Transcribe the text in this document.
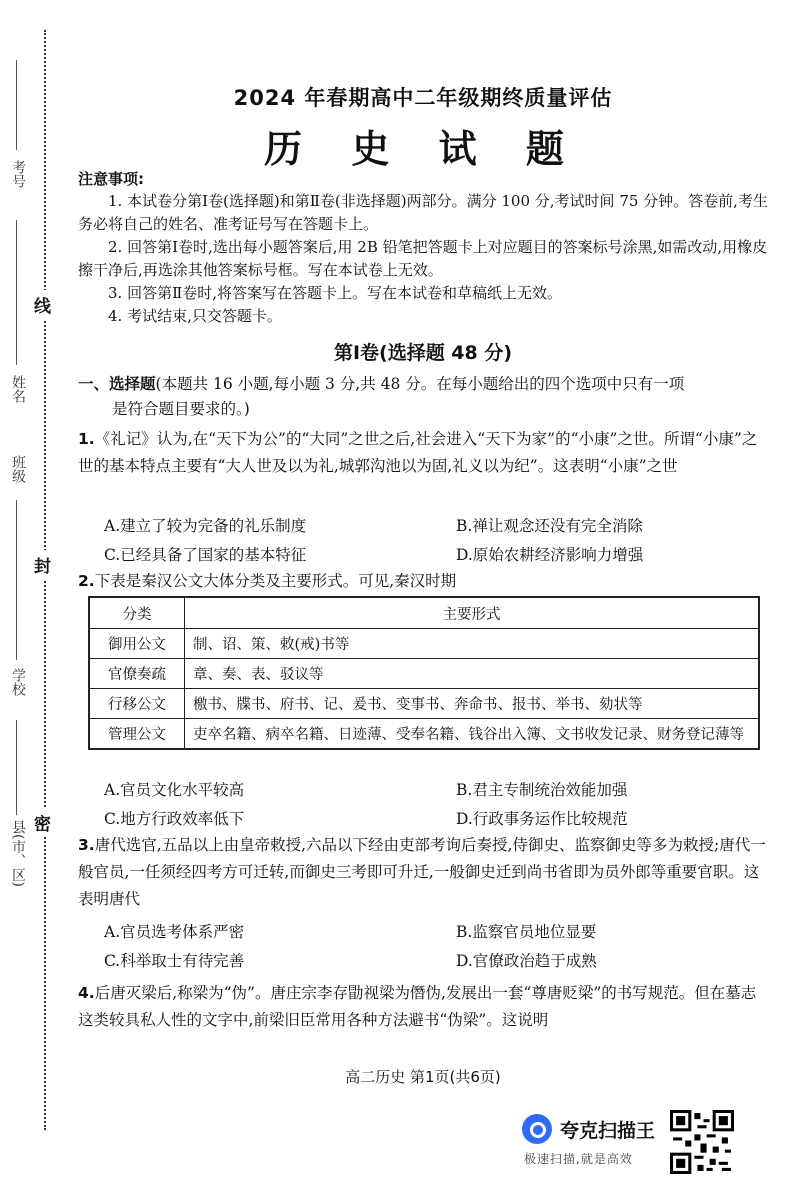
线
封
密
考号
姓名
班级
学校
县(市、区)
2024 年春期高中二年级期终质量评估
历 史 试 题
注意事项:

1. 本试卷分第Ⅰ卷(选择题)和第Ⅱ卷(非选择题)两部分。满分 100 分,考试时间 75 分钟。答卷前,考生务必将自己的姓名、准考证号写在答题卡上。

2. 回答第Ⅰ卷时,选出每小题答案后,用 2B 铅笔把答题卡上对应题目的答案标号涂黑,如需改动,用橡皮擦干净后,再选涂其他答案标号框。写在本试卷上无效。

3. 回答第Ⅱ卷时,将答案写在答题卡上。写在本试卷和草稿纸上无效。

4. 考试结束,只交答题卡。

第Ⅰ卷(选择题 48 分)
一、选择题(本题共 16 小题,每小题 3 分,共 48 分。在每小题给出的四个选项中只有一项
是符合题目要求的。)
1.《礼记》认为,在“天下为公”的“大同”之世之后,社会进入“天下为家”的“小康”之世。所谓“小康”之世的基本特点主要有“大人世及以为礼,城郭沟池以为固,礼义以为纪”。这表明“小康”之世
A.建立了较为完备的礼乐制度	B.禅让观念还没有完全消除
C.已经具备了国家的基本特征	D.原始农耕经济影响力增强
2.下表是秦汉公文大体分类及主要形式。可见,秦汉时期
分类	主要形式
御用公文	制、诏、策、敕(戒)书等
官僚奏疏	章、奏、表、驳议等
行移公文	檄书、牒书、府书、记、爰书、变事书、奔命书、报书、举书、劾状等
管理公文	吏卒名籍、病卒名籍、日迹薄、受奉名籍、钱谷出入簿、文书收发记录、财务登记薄等
A.官员文化水平较高	B.君主专制统治效能加强
C.地方行政效率低下	D.行政事务运作比较规范
3.唐代选官,五品以上由皇帝敕授,六品以下经由吏部考询后奏授,侍御史、监察御史等多为敕授;唐代一般官员,一任须经四考方可迁转,而御史三考即可升迁,一般御史迁到尚书省即为员外郎等重要官职。这表明唐代
A.官员选考体系严密	B.监察官员地位显要
C.科举取士有待完善	D.官僚政治趋于成熟
4.后唐灭梁后,称梁为“伪”。唐庄宗李存勖视梁为僭伪,发展出一套“尊唐贬梁”的书写规范。但在墓志这类较具私人性的文字中,前梁旧臣常用各种方法避书“伪梁”。这说明
高二历史 第1页(共6页)
夸克扫描王
极速扫描,就是高效
